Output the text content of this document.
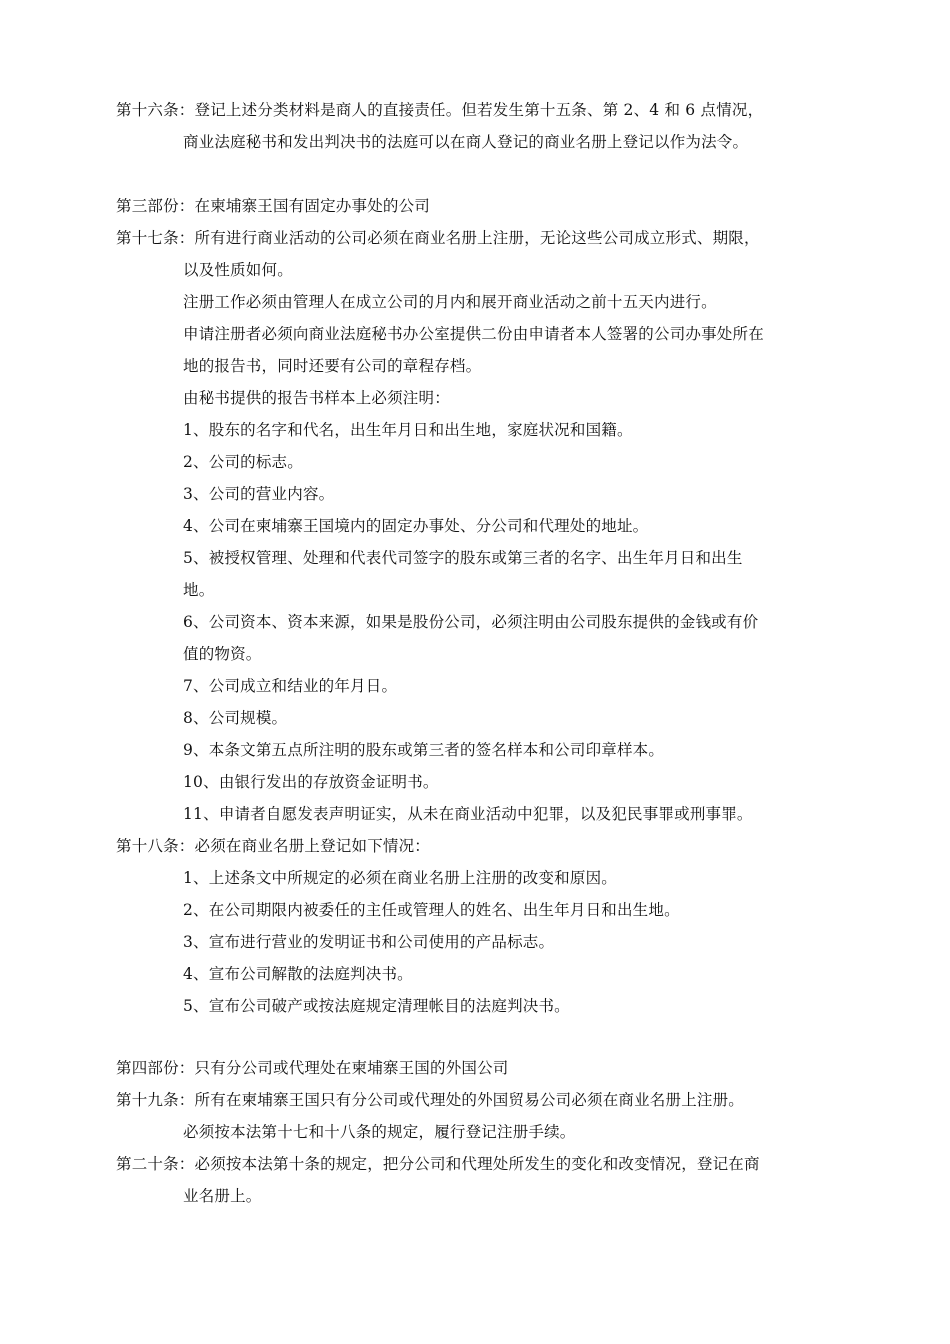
第十六条：登记上述分类材料是商人的直接责任。但若发生第十五条、第 2、4 和 6 点情况，
商业法庭秘书和发出判决书的法庭可以在商人登记的商业名册上登记以作为法令。
第三部份：在柬埔寨王国有固定办事处的公司
第十七条：所有进行商业活动的公司必须在商业名册上注册，无论这些公司成立形式、期限，
以及性质如何。
注册工作必须由管理人在成立公司的月内和展开商业活动之前十五天内进行。
申请注册者必须向商业法庭秘书办公室提供二份由申请者本人签署的公司办事处所在
地的报告书，同时还要有公司的章程存档。
由秘书提供的报告书样本上必须注明：
1、股东的名字和代名，出生年月日和出生地，家庭状况和国籍。
2、公司的标志。
3、公司的营业内容。
4、公司在柬埔寨王国境内的固定办事处、分公司和代理处的地址。
5、被授权管理、处理和代表代司签字的股东或第三者的名字、出生年月日和出生
地。
6、公司资本、资本来源，如果是股份公司，必须注明由公司股东提供的金钱或有价
值的物资。
7、公司成立和结业的年月日。
8、公司规模。
9、本条文第五点所注明的股东或第三者的签名样本和公司印章样本。
10、由银行发出的存放资金证明书。
11、申请者自愿发表声明证实，从未在商业活动中犯罪，以及犯民事罪或刑事罪。
第十八条：必须在商业名册上登记如下情况：
1、上述条文中所规定的必须在商业名册上注册的改变和原因。
2、在公司期限内被委任的主任或管理人的姓名、出生年月日和出生地。
3、宣布进行营业的发明证书和公司使用的产品标志。
4、宣布公司解散的法庭判决书。
5、宣布公司破产或按法庭规定清理帐目的法庭判决书。
第四部份：只有分公司或代理处在柬埔寨王国的外国公司
第十九条：所有在柬埔寨王国只有分公司或代理处的外国贸易公司必须在商业名册上注册。
必须按本法第十七和十八条的规定，履行登记注册手续。
第二十条：必须按本法第十条的规定，把分公司和代理处所发生的变化和改变情况，登记在商
业名册上。
